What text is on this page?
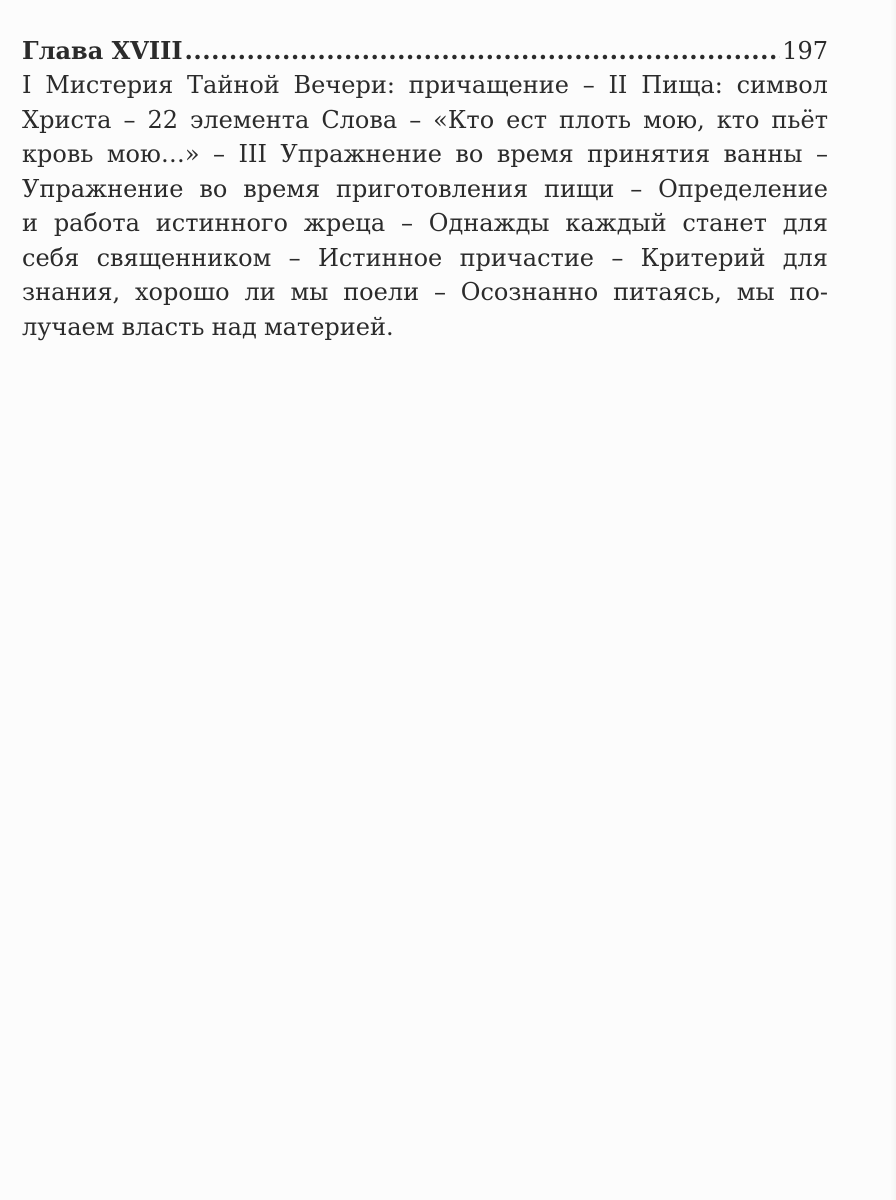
Глава XVIII
.....	197
I Мистерия Тайной Вечери: причащение – II Пища: символ
Христа – 22 элемента Слова – «Кто ест плоть мою, кто пьёт
кровь мою…» – III Упражнение во время принятия ванны –
Упражнение во время приготовления пищи – Определение
и работа истинного жреца – Однажды каждый станет для
себя священником – Истинное причастие – Критерий для
знания, хорошо ли мы поели – Осознанно питаясь, мы по-
лучаем власть над материей.
